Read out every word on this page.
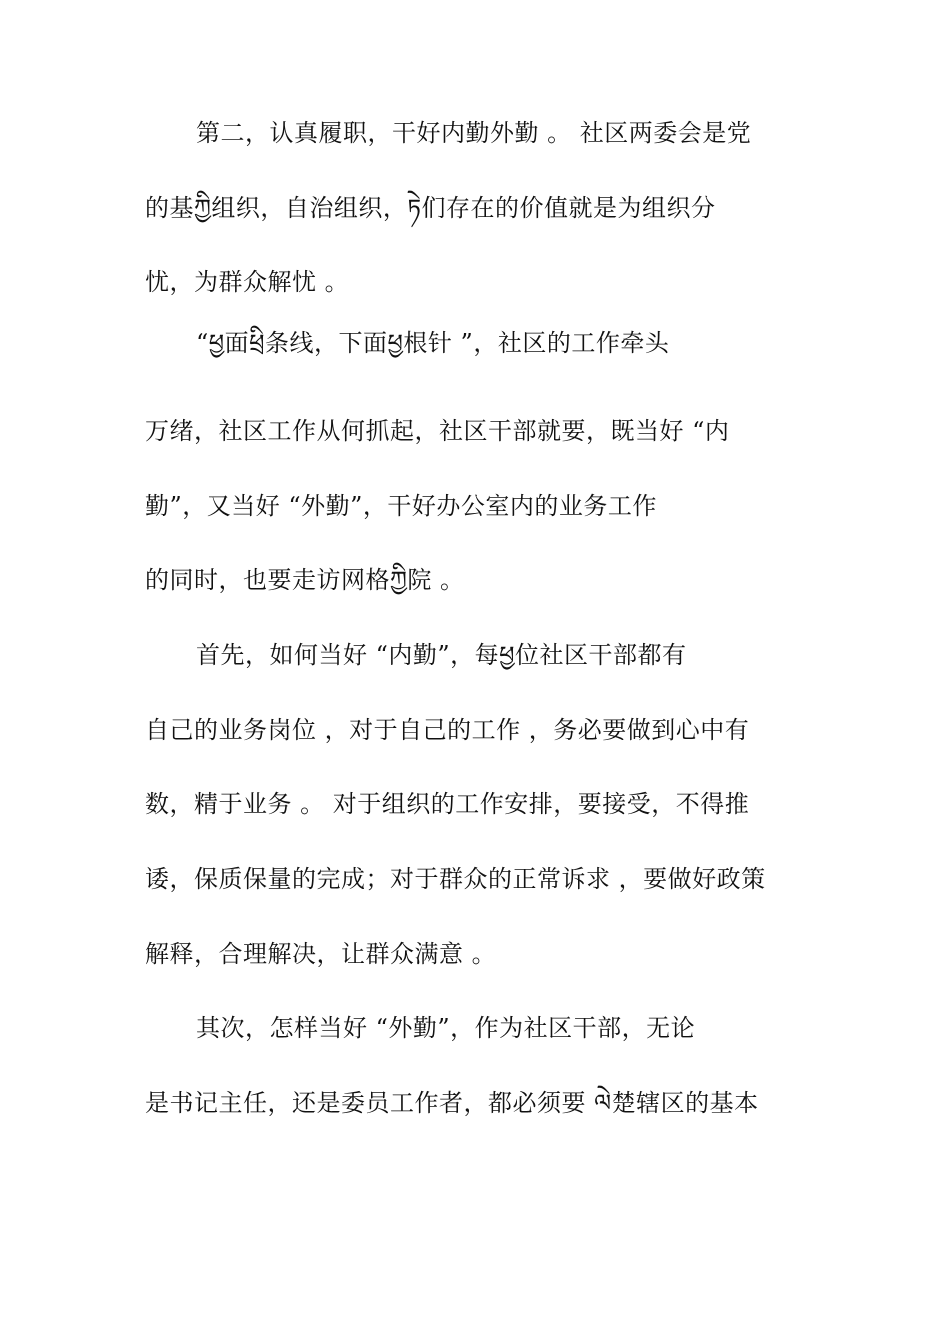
第二，认真履职，干好内勤外勤 。 社区两委会是党
的基ཀྱི组织，自治组织，ཏེ们存在的价值就是为组织分
忧，为群众解忧 。
“ཕྱ面ཕྲི条线，下面ཕྱ根针 ”，社区的工作牵头
万绪，社区工作从何抓起，社区干部就要，既当好 “内
勤”，又当好 “外勤”，干好办公室内的业务工作
的同时，也要走访网格ཀྱི院 。
首先，如何当好 “内勤”，每ཕྱ位社区干部都有
自己的业务岗位 ，对于自己的工作 ，务必要做到心中有
数，精于业务 。 对于组织的工作安排，要接受，不得推
诿，保质保量的完成；对于群众的正常诉求 ，要做好政策
解释，合理解决，让群众满意 。
其次，怎样当好 “外勤”，作为社区干部，无论
是书记主任，还是委员工作者，都必须要 ལེ楚辖区的基本
